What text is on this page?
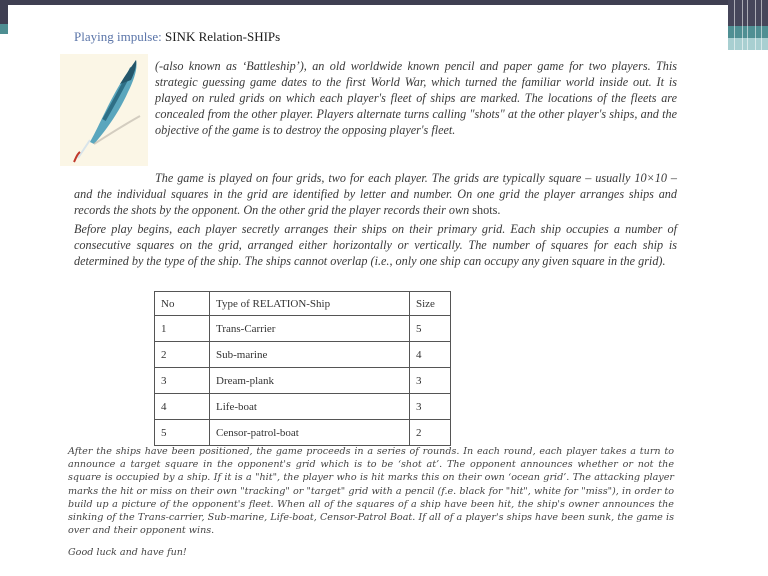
Playing impulse: SINK Relation-SHIPs
(-also known as ‘Battleship’), an old worldwide known pencil and paper game for two players. This strategic guessing game dates to the first World War, which turned the familiar world inside out. It is played on ruled grids on which each player's fleet of ships are marked. The locations of the fleets are concealed from the other player. Players alternate turns calling "shots" at the other player's ships, and the objective of the game is to destroy the opposing player's fleet.
The game is played on four grids, two for each player. The grids are typically square – usually 10×10 – and the individual squares in the grid are identified by letter and number. On one grid the player arranges ships and records the shots by the opponent. On the other grid the player records their own shots.
Before play begins, each player secretly arranges their ships on their primary grid. Each ship occupies a number of consecutive squares on the grid, arranged either horizontally or vertically. The number of squares for each ship is determined by the type of the ship. The ships cannot overlap (i.e., only one ship can occupy any given square in the grid).
No	Type of RELATION-Ship	Size
1	Trans-Carrier	5
2	Sub-marine	4
3	Dream-plank	3
4	Life-boat	3
5	Censor-patrol-boat	2
After the ships have been positioned, the game proceeds in a series of rounds. In each round, each player takes a turn to announce a target square in the opponent's grid which is to be ‘shot at’. The opponent announces whether or not the square is occupied by a ship. If it is a "hit", the player who is hit marks this on their own ‘ocean grid’. The attacking player marks the hit or miss on their own "tracking" or "target" grid with a pencil (f.e. black for "hit", white for "miss"), in order to build up a picture of the opponent's fleet. When all of the squares of a ship have been hit, the ship's owner announces the sinking of the Trans-carrier, Sub-marine, Life-boat, Censor-Patrol Boat. If all of a player's ships have been sunk, the game is over and their opponent wins.
Good luck and have fun!
